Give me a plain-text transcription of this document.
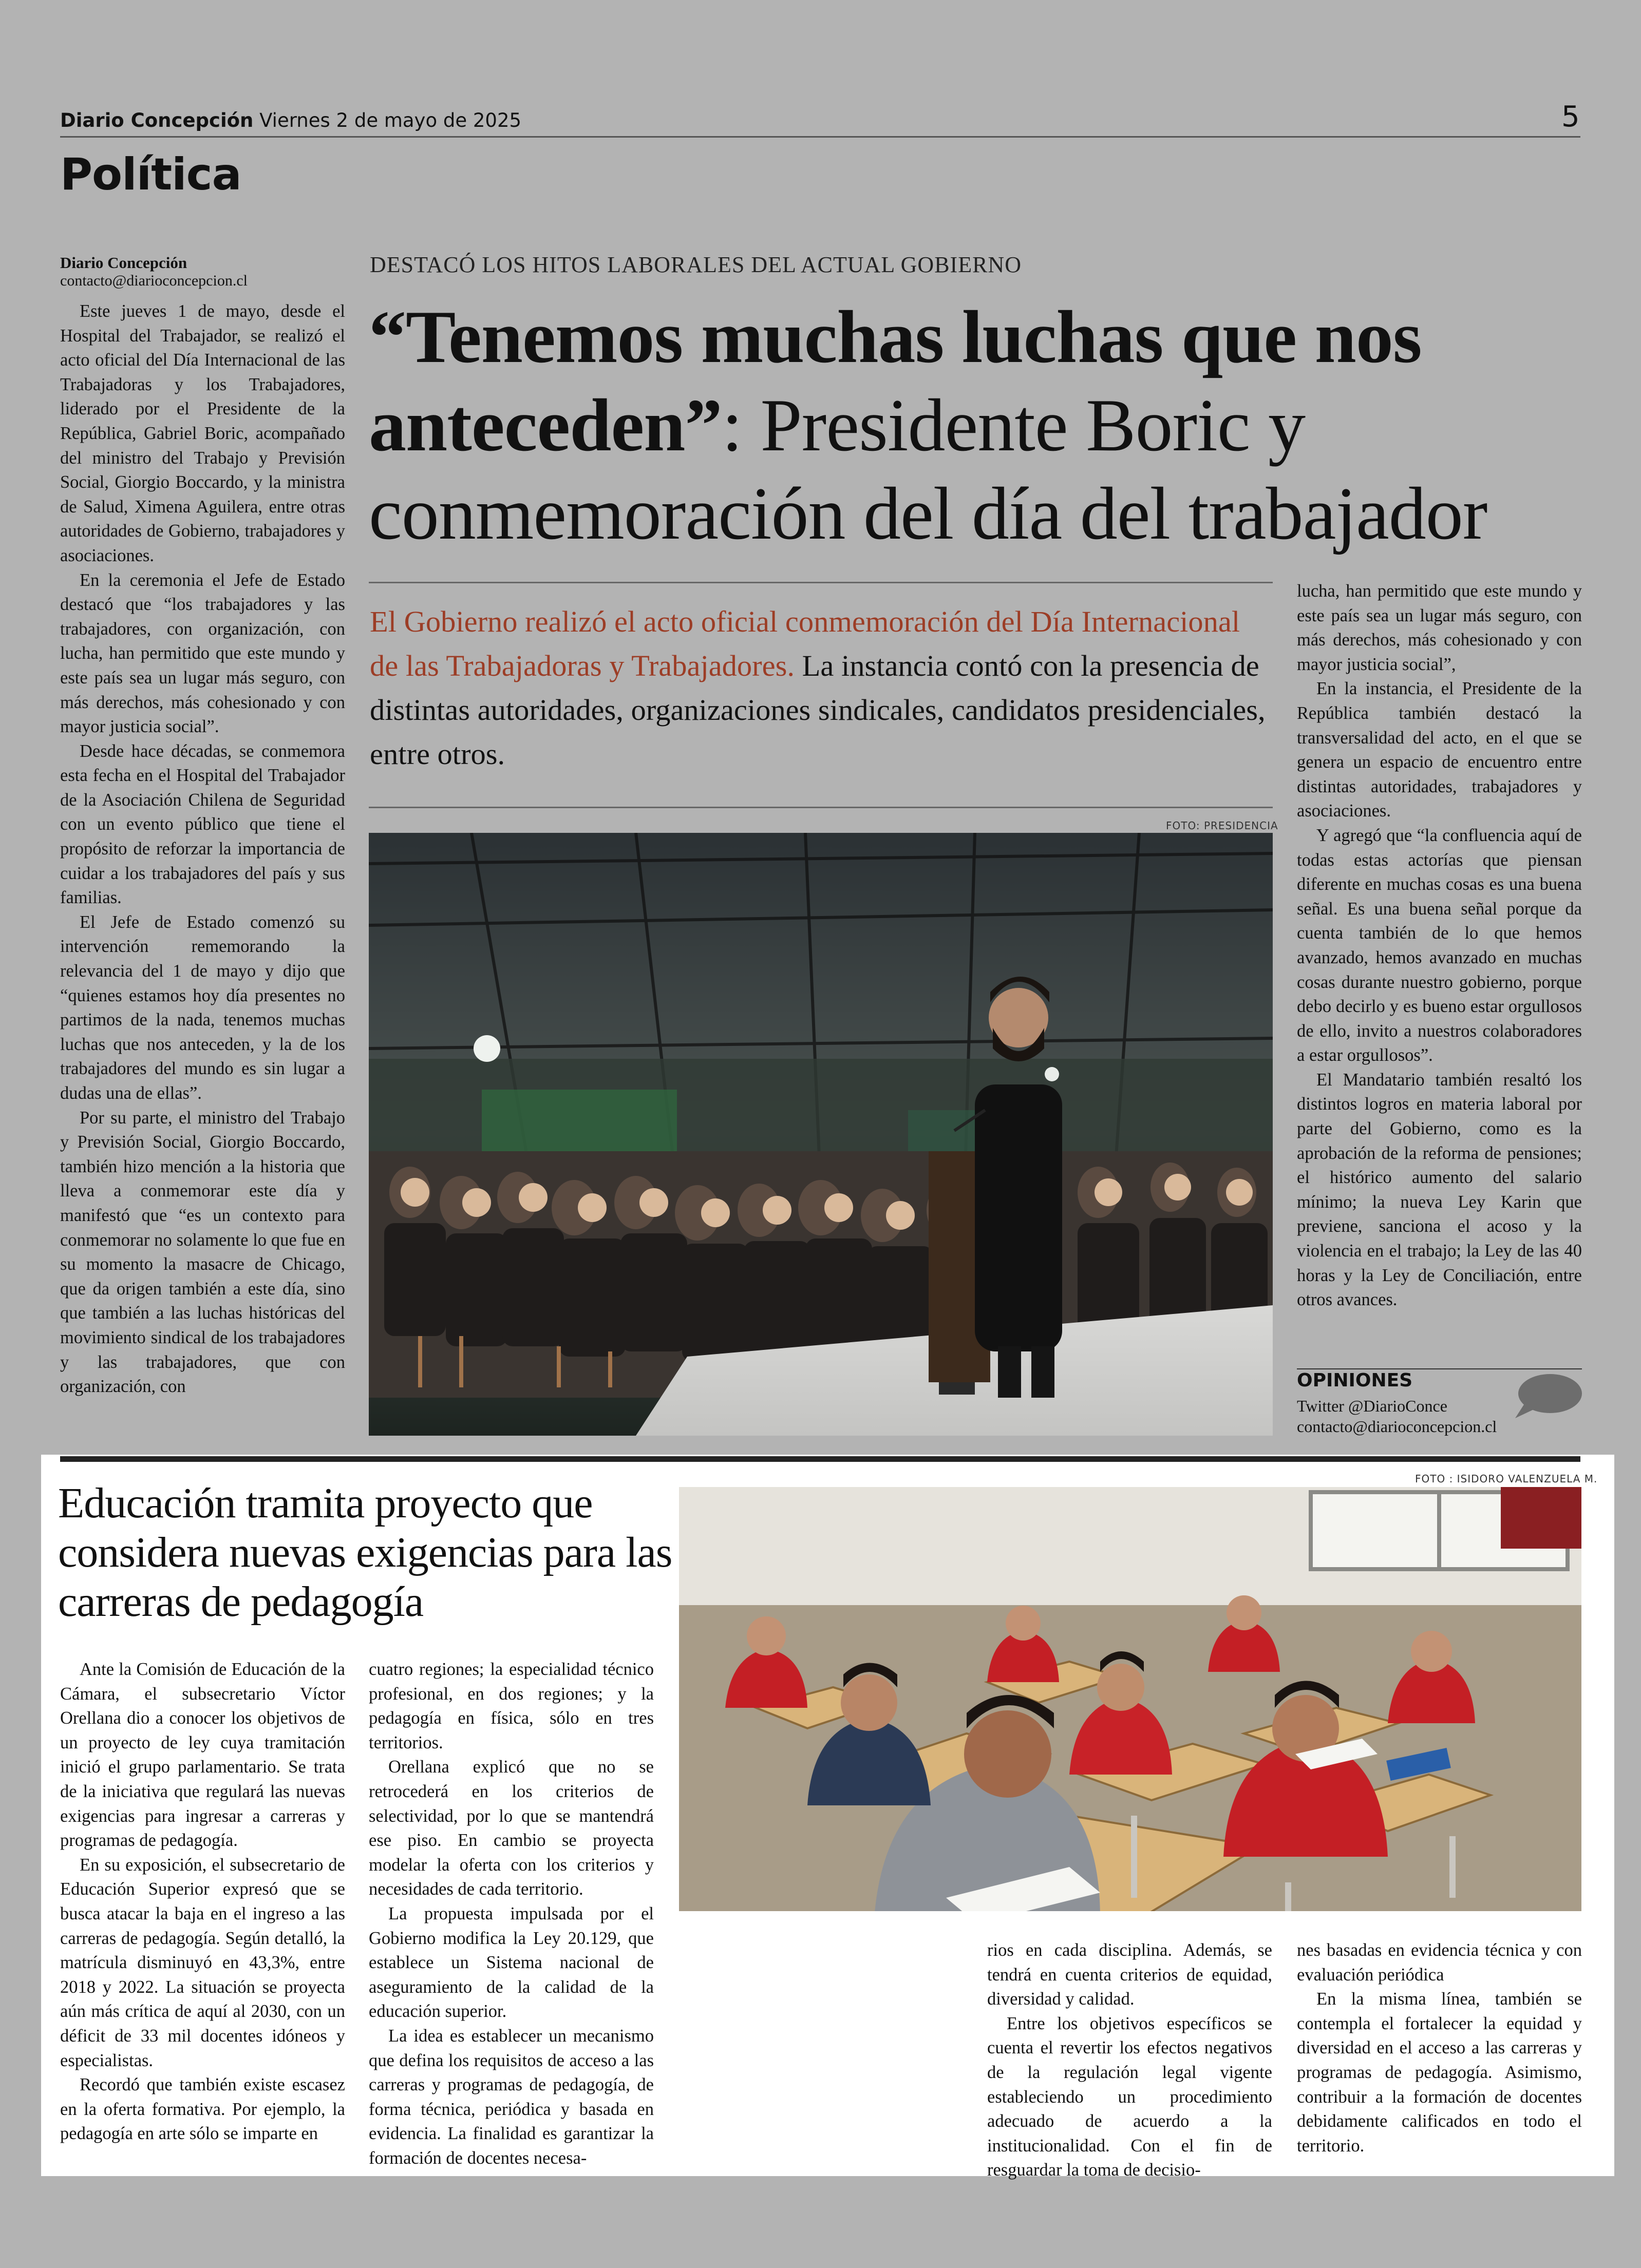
Diario Concepción Viernes 2 de mayo de 2025	5
Política
Diario Concepción
contacto@diarioconcepcion.cl

Este jueves 1 de mayo, desde el Hospital del Trabajador, se realizó el acto oficial del Día Internacional de las Trabajadoras y los Trabajadores, liderado por el Presidente de la República, Gabriel Boric, acompañado del ministro del Trabajo y Previsión Social, Giorgio Boccardo, y la ministra de Salud, Ximena Aguilera, entre otras autoridades de Gobierno, trabajadores y asociaciones.

En la ceremonia el Jefe de Estado destacó que “los trabajadores y las trabajadores, con organización, con lucha, han permitido que este mundo y este país sea un lugar más seguro, con más derechos, más cohesionado y con mayor justicia social”.

Desde hace décadas, se conmemora esta fecha en el Hospital del Trabajador de la Asociación Chilena de Seguridad con un evento público que tiene el propósito de reforzar la importancia de cuidar a los trabajadores del país y sus familias.

El Jefe de Estado comenzó su intervención rememorando la relevancia del 1 de mayo y dijo que “quienes estamos hoy día presentes no partimos de la nada, tenemos muchas luchas que nos anteceden, y la de los trabajadores del mundo es sin lugar a dudas una de ellas”.

Por su parte, el ministro del Trabajo y Previsión Social, Giorgio Boccardo, también hizo mención a la historia que lleva a conmemorar este día y manifestó que “es un contexto para conmemorar no solamente lo que fue en su momento la masacre de Chicago, que da origen también a este día, sino que también a las luchas históricas del movimiento sindical de los trabajadores y las trabajadores, que con organización, con

DESTACÓ LOS HITOS LABORALES DEL ACTUAL GOBIERNO
“Tenemos muchas luchas que nos anteceden”: Presidente Boric y conmemoración del día del trabajador
El Gobierno realizó el acto oficial conmemoración del Día Internacional de las Trabajadoras y Trabajadores. La instancia contó con la presencia de distintas autoridades, organizaciones sindicales, candidatos presidenciales, entre otros.
FOTO: PRESIDENCIA

lucha, han permitido que este mundo y este país sea un lugar más seguro, con más derechos, más cohesionado y con mayor justicia social”,

En la instancia, el Presidente de la República también destacó la transversalidad del acto, en el que se genera un espacio de encuentro entre distintas autoridades, trabajadores y asociaciones.

Y agregó que “la confluencia aquí de todas estas actorías que piensan diferente en muchas cosas es una buena señal. Es una buena señal porque da cuenta también de lo que hemos avanzado, hemos avanzado en muchas cosas durante nuestro gobierno, porque debo decirlo y es bueno estar orgullosos de ello, invito a nuestros colaboradores a estar orgullosos”.

El Mandatario también resaltó los distintos logros en materia laboral por parte del Gobierno, como es la aprobación de la reforma de pensiones; el histórico aumento del salario mínimo; la nueva Ley Karin que previene, sanciona el acoso y la violencia en el trabajo; la Ley de las 40 horas y la Ley de Conciliación, entre otros avances.

OPINIONES
Twitter @DiarioConce
contacto@diarioconcepcion.cl
Educación tramita proyecto que considera nuevas exigencias para las carreras de pedagogía
FOTO : ISIDORO VALENZUELA M.

Ante la Comisión de Educación de la Cámara, el subsecretario Víctor Orellana dio a conocer los objetivos de un proyecto de ley cuya tramitación inició el grupo parlamentario. Se trata de la iniciativa que regulará las nuevas exigencias para ingresar a carreras y programas de pedagogía.

En su exposición, el subsecretario de Educación Superior expresó que se busca atacar la baja en el ingreso a las carreras de pedagogía. Según detalló, la matrícula disminuyó en 43,3%, entre 2018 y 2022. La situación se proyecta aún más crítica de aquí al 2030, con un déficit de 33 mil docentes idóneos y especialistas.

Recordó que también existe escasez en la oferta formativa. Por ejemplo, la pedagogía en arte sólo se imparte en

cuatro regiones; la especialidad técnico profesional, en dos regiones; y la pedagogía en física, sólo en tres territorios.

Orellana explicó que no se retrocederá en los criterios de selectividad, por lo que se mantendrá ese piso. En cambio se proyecta modelar la oferta con los criterios y necesidades de cada territorio.

La propuesta impulsada por el Gobierno modifica la Ley 20.129, que establece un Sistema nacional de aseguramiento de la calidad de la educación superior.

La idea es establecer un mecanismo que defina los requisitos de acceso a las carreras y programas de pedagogía, de forma técnica, periódica y basada en evidencia. La finalidad es garantizar la formación de docentes necesa-

rios en cada disciplina. Además, se tendrá en cuenta criterios de equidad, diversidad y calidad.

Entre los objetivos específicos se cuenta el revertir los efectos negativos de la regulación legal vigente estableciendo un procedimiento adecuado de acuerdo a la institucionalidad. Con el fin de resguardar la toma de decisio-

nes basadas en evidencia técnica y con evaluación periódica

En la misma línea, también se contempla el fortalecer la equidad y diversidad en el acceso a las carreras y programas de pedagogía. Asimismo, contribuir a la formación de docentes debidamente calificados en todo el territorio.
